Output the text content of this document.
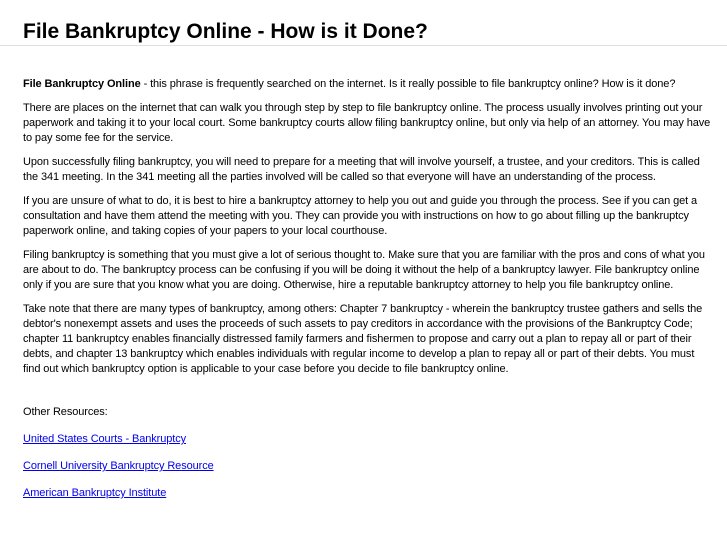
File Bankruptcy Online - How is it Done?

File Bankruptcy Online - this phrase is frequently searched on the internet. Is it really possible to file bankruptcy online? How is it done?

There are places on the internet that can walk you through step by step to file bankruptcy online. The process usually involves printing out your paperwork and taking it to your local court. Some bankruptcy courts allow filing bankruptcy online, but only via help of an attorney. You may have to pay some fee for the service.

Upon successfully filing bankruptcy, you will need to prepare for a meeting that will involve yourself, a trustee, and your creditors. This is called the 341 meeting. In the 341 meeting all the parties involved will be called so that everyone will have an understanding of the process.

If you are unsure of what to do, it is best to hire a bankruptcy attorney to help you out and guide you through the process. See if you can get a consultation and have them attend the meeting with you. They can provide you with instructions on how to go about filling up the bankruptcy paperwork online, and taking copies of your papers to your local courthouse.

Filing bankruptcy is something that you must give a lot of serious thought to. Make sure that you are familiar with the pros and cons of what you are about to do. The bankruptcy process can be confusing if you will be doing it without the help of a bankruptcy lawyer. File bankruptcy online only if you are sure that you know what you are doing. Otherwise, hire a reputable bankruptcy attorney to help you file bankruptcy online.

Take note that there are many types of bankruptcy, among others: Chapter 7 bankruptcy - wherein the bankruptcy trustee gathers and sells the debtor's nonexempt assets and uses the proceeds of such assets to pay creditors in accordance with the provisions of the Bankruptcy Code; chapter 11 bankruptcy enables financially distressed family farmers and fishermen to propose and carry out a plan to repay all or part of their debts, and chapter 13 bankruptcy which enables individuals with regular income to develop a plan to repay all or part of their debts. You must find out which bankruptcy option is applicable to your case before you decide to file bankruptcy online.

Other Resources:

United States Courts - Bankruptcy
Cornell University Bankruptcy Resource
American Bankruptcy Institute
